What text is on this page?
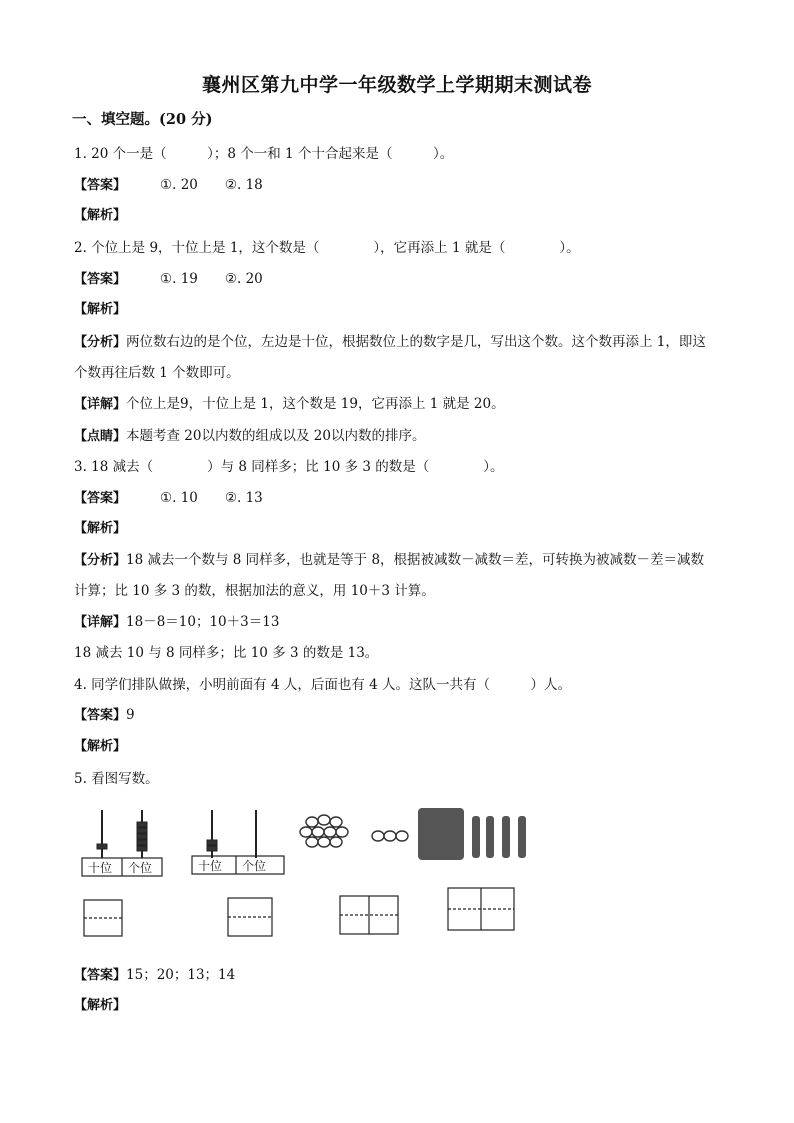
襄州区第九中学一年级数学上学期期末测试卷
一、填空题。(20 分)
1. 20 个一是（　　　）；8 个一和 1 个十合起来是（　　　）。
【答案】	①. 20　　②. 18
【解析】
2. 个位上是 9，十位上是 1，这个数是（　　　　），它再添上 1 就是（　　　　）。
【答案】	①. 19　　②. 20
【解析】
【分析】两位数右边的是个位，左边是十位，根据数位上的数字是几，写出这个数。这个数再添上 1，即这
个数再往后数 1 个数即可。
【详解】个位上是9，十位上是 1，这个数是 19，它再添上 1 就是 20。
【点睛】本题考查 20以内数的组成以及 20以内数的排序。
3. 18 减去（　　　　）与 8 同样多；比 10 多 3 的数是（　　　　）。
【答案】	①. 10　　②. 13
【解析】
【分析】18 减去一个数与 8 同样多，也就是等于 8，根据被减数－减数＝差，可转换为被减数－差＝减数
计算；比 10 多 3 的数，根据加法的意义，用 10＋3 计算。
【详解】18－8＝10；10＋3＝13
18 减去 10 与 8 同样多；比 10 多 3 的数是 13。
4. 同学们排队做操，小明前面有 4 人，后面也有 4 人。这队一共有（　　　）人。
【答案】9
【解析】
5. 看图写数。
十位 个位	十位 个位
【答案】15；20；13；14
【解析】
